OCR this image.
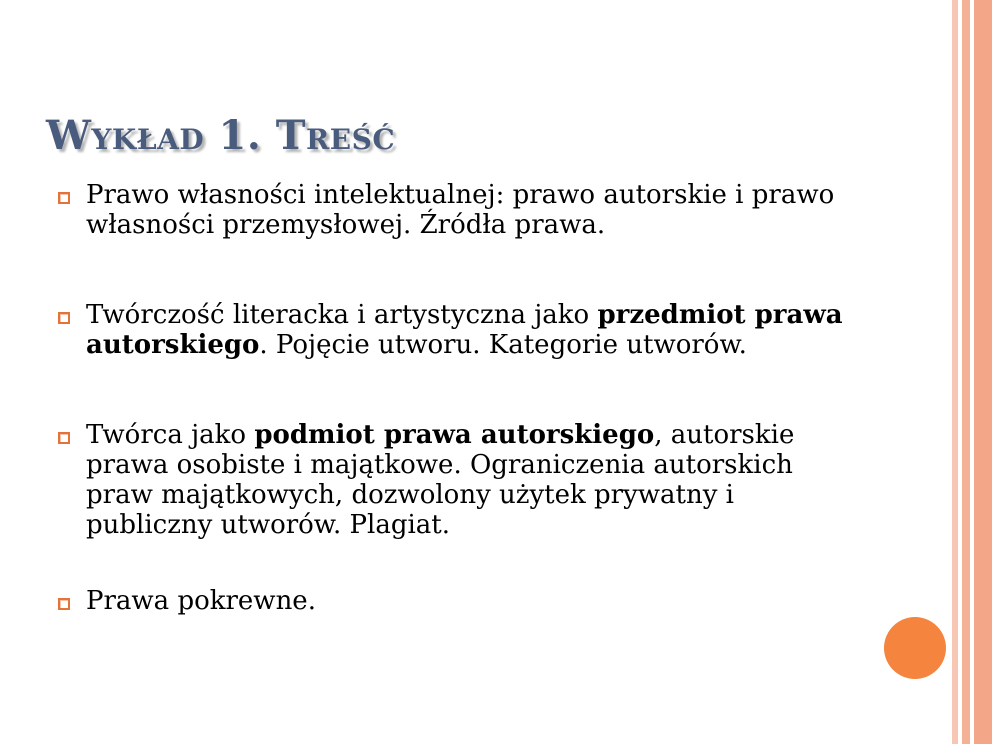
Wykład 1. Treść
Prawo własności intelektualnej: prawo autorskie i prawo własności przemysłowej. Źródła prawa.
Twórczość literacka i artystyczna jako przedmiot prawa autorskiego. Pojęcie utworu. Kategorie utworów.
Twórca jako podmiot prawa autorskiego, autorskie prawa osobiste i majątkowe. Ograniczenia autorskich praw majątkowych, dozwolony użytek prywatny i publiczny utworów. Plagiat.
Prawa pokrewne.
